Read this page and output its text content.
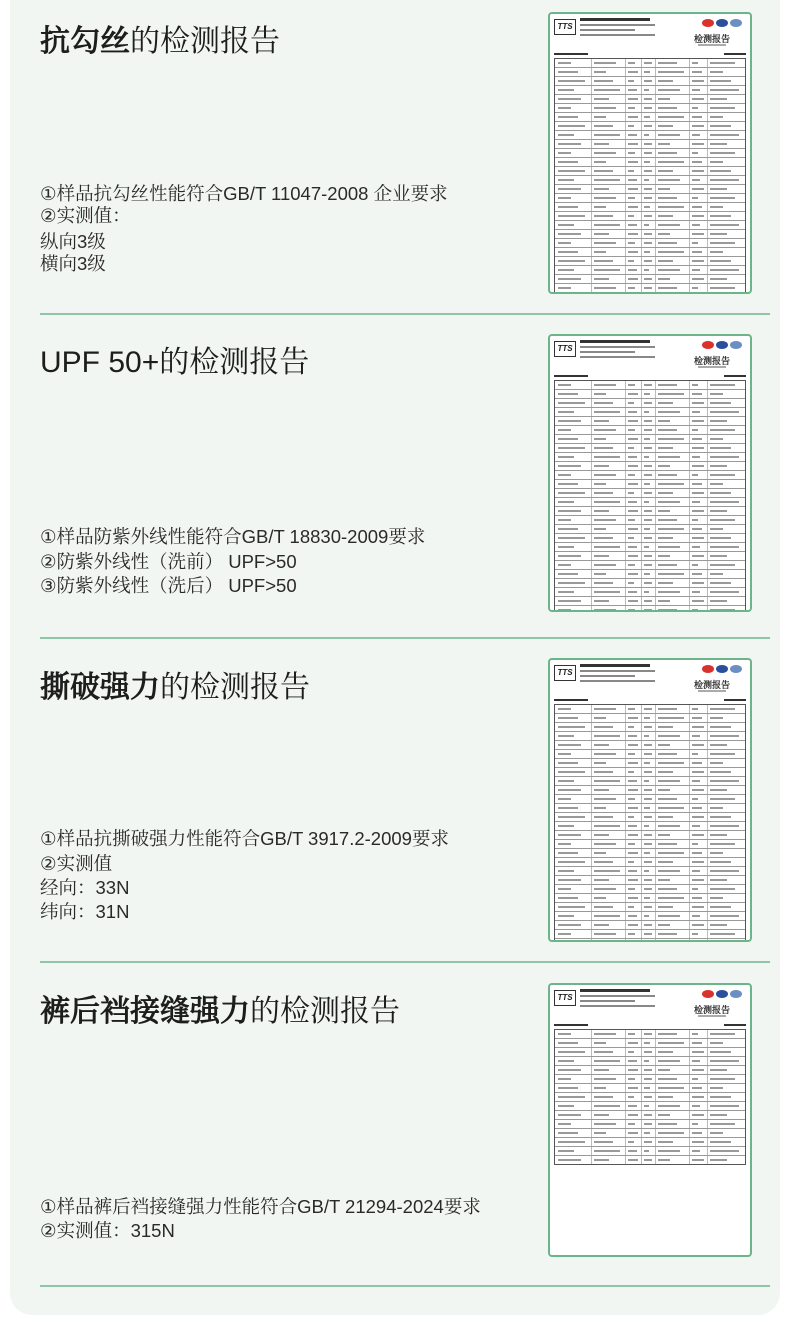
抗勾丝的检测报告
①样品抗勾丝性能符合GB/T 11047-2008 企业要求
②实测值：
纵向3级
横向3级
TTS
检测报告
UPF 50+的检测报告
①样品防紫外线性能符合GB/T 18830-2009要求
②防紫外线性（洗前） UPF>50
③防紫外线性（洗后） UPF>50
TTS
检测报告
撕破强力的检测报告
①样品抗撕破强力性能符合GB/T 3917.2-2009要求
②实测值
经向：33N
纬向：31N
TTS
检测报告
裤后裆接缝强力的检测报告
①样品裤后裆接缝强力性能符合GB/T 21294-2024要求
②实测值：315N
TTS
检测报告
